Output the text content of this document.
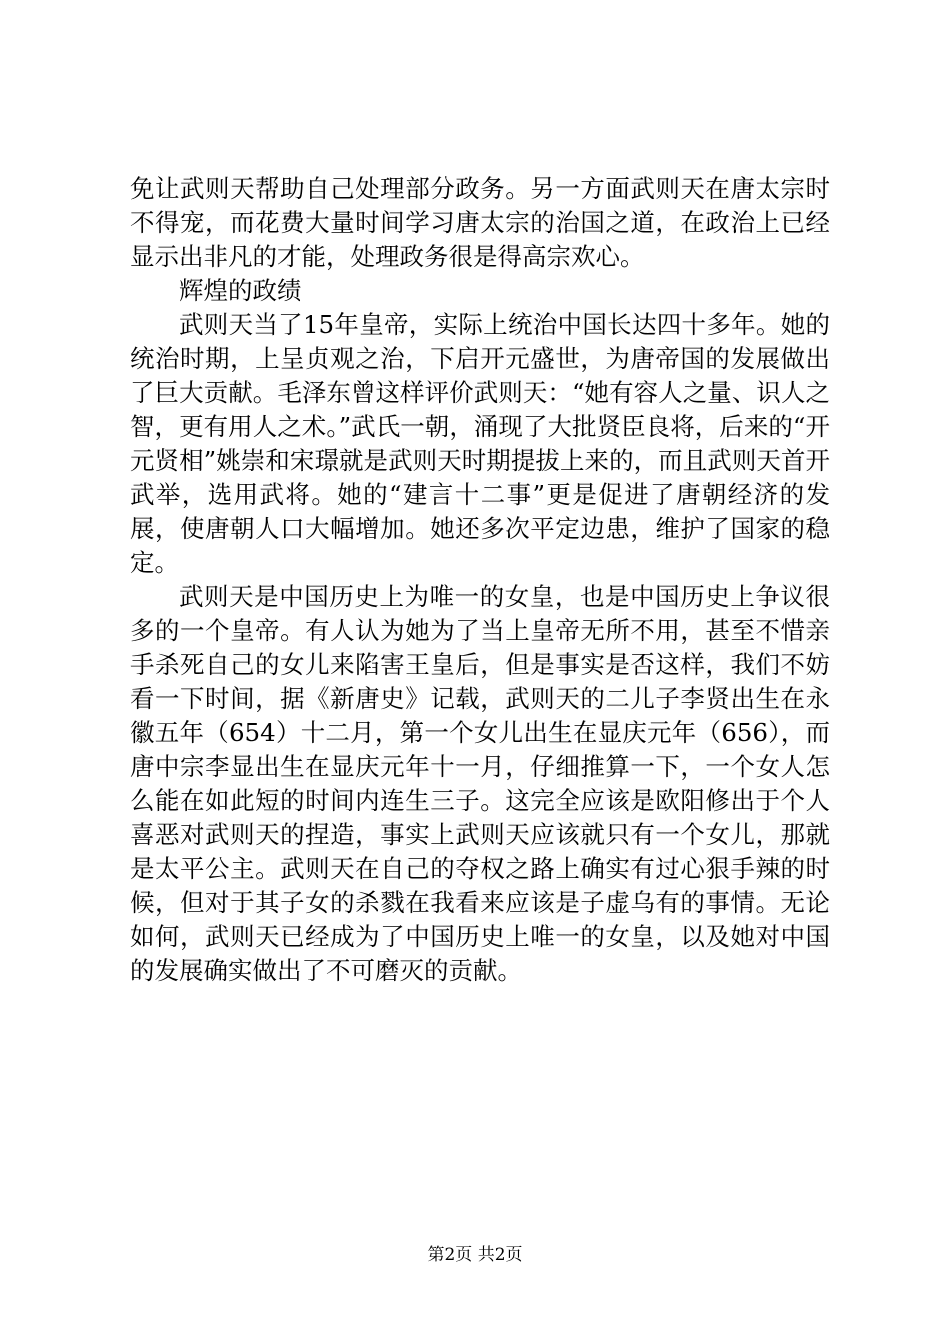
免让武则天帮助自己处理部分政务。另一方面武则天在唐太宗时不得宠，而花费大量时间学习唐太宗的治国之道，在政治上已经显示出非凡的才能，处理政务很是得高宗欢心。

辉煌的政绩

武则天当了15年皇帝，实际上统治中国长达四十多年。她的统治时期，上呈贞观之治，下启开元盛世，为唐帝国的发展做出了巨大贡献。毛泽东曾这样评价武则天：“她有容人之量、识人之智，更有用人之术。”武氏一朝，涌现了大批贤臣良将，后来的“开元贤相”姚崇和宋璟就是武则天时期提拔上来的，而且武则天首开武举，选用武将。她的“建言十二事”更是促进了唐朝经济的发展，使唐朝人口大幅增加。她还多次平定边患，维护了国家的稳定。

武则天是中国历史上为唯一的女皇，也是中国历史上争议很多的一个皇帝。有人认为她为了当上皇帝无所不用，甚至不惜亲手杀死自己的女儿来陷害王皇后，但是事实是否这样，我们不妨看一下时间，据《新唐史》记载，武则天的二儿子李贤出生在永徽五年（654）十二月，第一个女儿出生在显庆元年（656），而唐中宗李显出生在显庆元年十一月，仔细推算一下，一个女人怎么能在如此短的时间内连生三子。这完全应该是欧阳修出于个人喜恶对武则天的捏造，事实上武则天应该就只有一个女儿，那就是太平公主。武则天在自己的夺权之路上确实有过心狠手辣的时候，但对于其子女的杀戮在我看来应该是子虚乌有的事情。无论如何，武则天已经成为了中国历史上唯一的女皇，以及她对中国的发展确实做出了不可磨灭的贡献。

第2页 共2页
